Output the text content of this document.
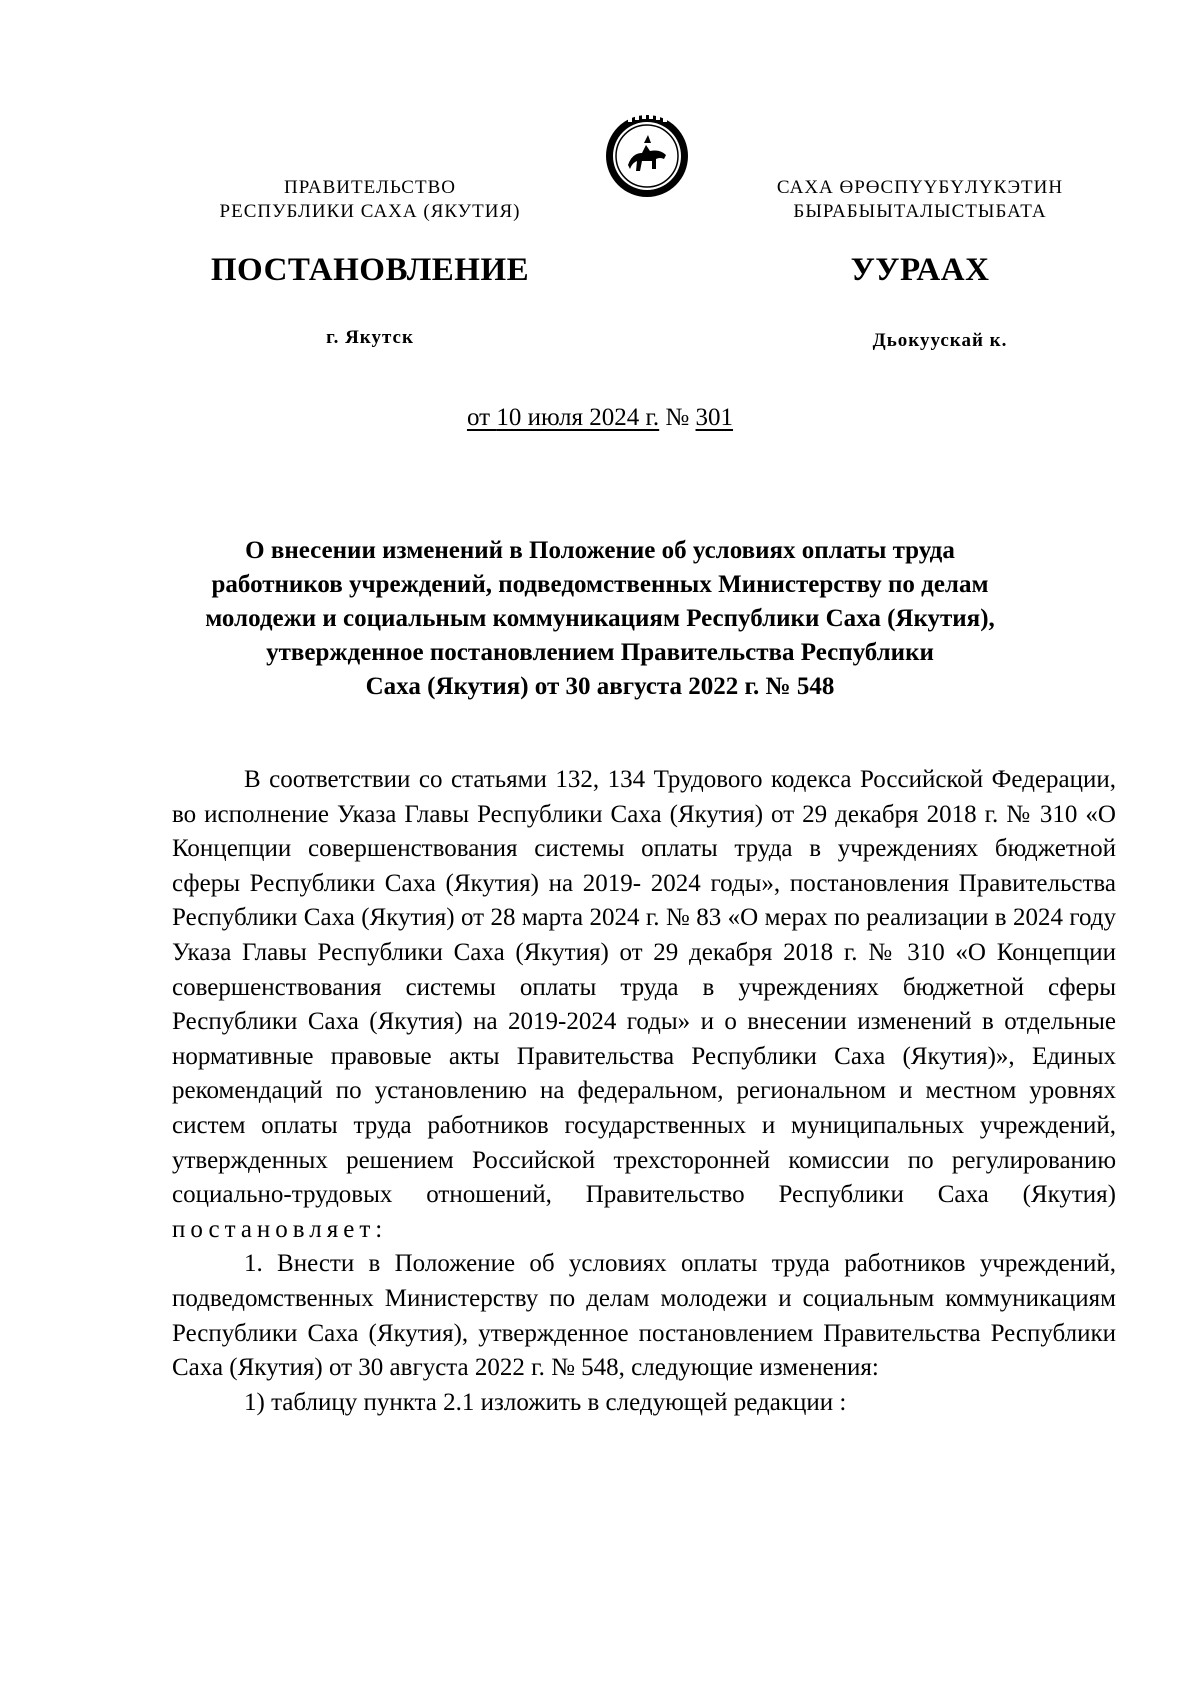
ПРАВИТЕЛЬСТВО
РЕСПУБЛИКИ САХА (ЯКУТИЯ)
САХА ӨРӨСПYYБYЛYКЭТИН
БЫРАБЫЫТАЛЫСТЫБАТА
ПОСТАНОВЛЕНИЕ	УУРААХ
г. Якутск	Дьокуускай к.
от 10 июля 2024 г. № 301
О внесении изменений в Положение об условиях оплаты труда
работников учреждений, подведомственных Министерству по делам
молодежи и социальным коммуникациям Республики Саха (Якутия),
утвержденное постановлением Правительства Республики
Саха (Якутия) от 30 августа 2022 г. № 548

В соответствии со статьями 132, 134 Трудового кодекса Российской Федерации, во исполнение Указа Главы Республики Саха (Якутия) от 29 декабря 2018 г. № 310 «О Концепции совершенствования системы оплаты труда в учреждениях бюджетной сферы Республики Саха (Якутия) на 2019- 2024 годы», постановления Правительства Республики Саха (Якутия) от 28 марта 2024 г. № 83 «О мерах по реализации в 2024 году Указа Главы Республики Саха (Якутия) от 29 декабря 2018 г. № 310 «О Концепции совершенствования системы оплаты труда в учреждениях бюджетной сферы Республики Саха (Якутия) на 2019-2024 годы» и о внесении изменений в отдельные нормативные правовые акты Правительства Республики Саха (Якутия)», Единых рекомендаций по установлению на федеральном, региональном и местном уровнях систем оплаты труда работников государственных и муниципальных учреждений, утвержденных решением Российской трехсторонней комиссии по регулированию социально-трудовых отношений, Правительство Республики Саха (Якутия) постановляет:

1. Внести в Положение об условиях оплаты труда работников учреждений, подведомственных Министерству по делам молодежи и социальным коммуникациям Республики Саха (Якутия), утвержденное постановлением Правительства Республики Саха (Якутия) от 30 августа 2022 г. № 548, следующие изменения:

1) таблицу пункта 2.1 изложить в следующей редакции :
